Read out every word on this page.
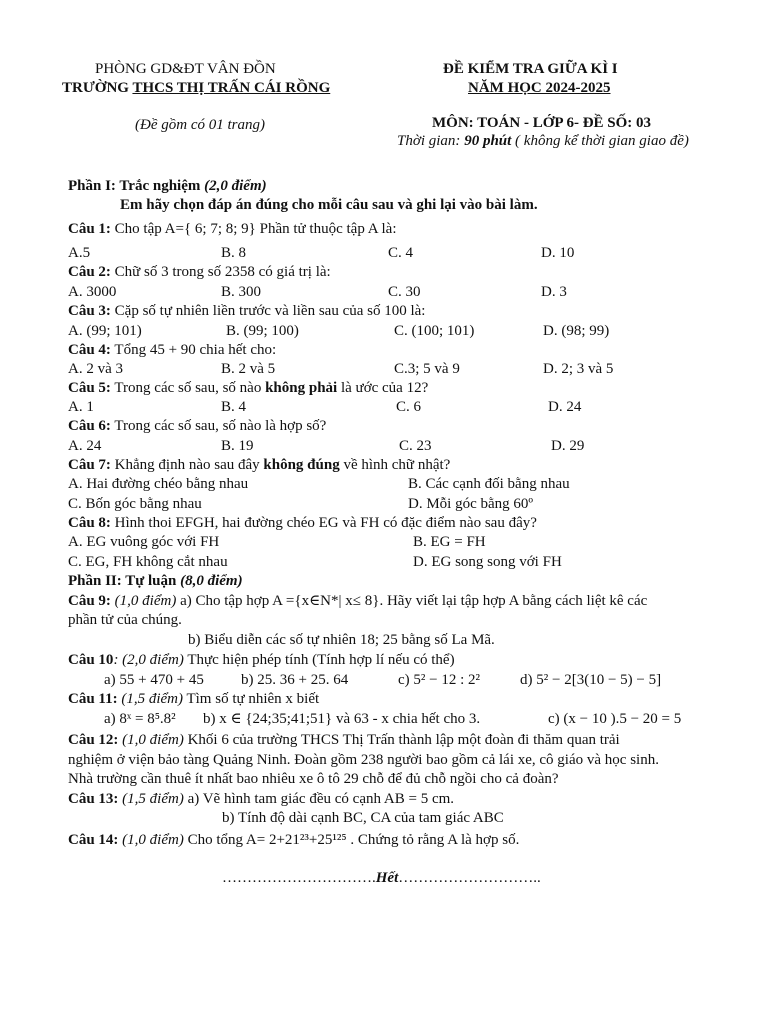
PHÒNG GD&ĐT VÂN ĐỒN
TRƯỜNG THCS THỊ TRẤN CÁI RỒNG
(Đề gồm có 01 trang)
ĐỀ KIỂM TRA GIỮA KÌ I
NĂM HỌC 2024-2025
MÔN: TOÁN - LỚP 6- ĐỀ SỐ: 03
Thời gian: 90 phút ( không kể thời gian giao đề)
Phần I: Trắc nghiệm (2,0 điểm)
Em hãy chọn đáp án đúng cho mỗi câu sau và ghi lại vào bài làm.
Câu 1: Cho tập A={ 6; 7; 8; 9} Phần tử thuộc tập A là:
A.5	B. 8	C. 4	D. 10
Câu 2: Chữ số 3 trong số 2358 có giá trị là:
A. 3000	B. 300	C. 30	D. 3
Câu 3: Cặp số tự nhiên liền trước và liền sau của số 100 là:
A. (99; 101)	B. (99; 100)	C. (100; 101)	D. (98; 99)
Câu 4: Tổng 45 + 90 chia hết cho:
A. 2 và 3	B. 2 và 5	C.3; 5 và 9	D. 2; 3 và 5
Câu 5: Trong các số sau, số nào không phải là ước của 12?
A. 1	B. 4	C. 6	D. 24
Câu 6: Trong các số sau, số nào là hợp số?
A. 24	B. 19	C. 23	D. 29
Câu 7: Khẳng định nào sau đây không đúng về hình chữ nhật?
A. Hai đường chéo bằng nhau	B. Các cạnh đối bằng nhau
C. Bốn góc bằng nhau	D. Mỗi góc bằng 60º
Câu 8: Hình thoi EFGH, hai đường chéo EG và FH có đặc điểm nào sau đây?
A. EG vuông góc với FH	B. EG = FH
C. EG, FH không cắt nhau	D. EG song song với FH
Phần II: Tự luận (8,0 điểm)
Câu 9: (1,0 điểm) a) Cho tập hợp A ={x∈N*| x≤ 8}. Hãy viết lại tập hợp A bằng cách liệt kê các
phần tử của chúng.
b) Biểu diễn các số tự nhiên 18; 25 bằng số La Mã.
Câu 10: (2,0 điểm) Thực hiện phép tính (Tính hợp lí nếu có thể)
a) 55 + 470 + 45 b) 25. 36 + 25. 64	c) 5² − 12 : 2²	d) 5² − 2[3(10 − 5) − 5]
Câu 11: (1,5 điểm) Tìm số tự nhiên x biết
a) 8ˣ = 8⁵.8² b) x ∈ {24;35;41;51} và 63 - x chia hết cho 3.	c) (x − 10 ).5 − 20 = 5
Câu 12: (1,0 điểm) Khối 6 của trường THCS Thị Trấn thành lập một đoàn đi thăm quan trải
nghiệm ở viện bảo tàng Quảng Ninh. Đoàn gồm 238 người bao gồm cả lái xe, cô giáo và học sinh.
Nhà trường cần thuê ít nhất bao nhiêu xe ô tô 29 chỗ để đủ chỗ ngồi cho cả đoàn?
Câu 13: (1,5 điểm) a) Vẽ hình tam giác đều có cạnh AB = 5 cm.
b) Tính độ dài cạnh BC, CA của tam giác ABC
Câu 14: (1,0 điểm) Cho tổng A= 2+21²³+25¹²⁵ . Chứng tỏ rằng A là hợp số.
………………………….Hết………………………..
